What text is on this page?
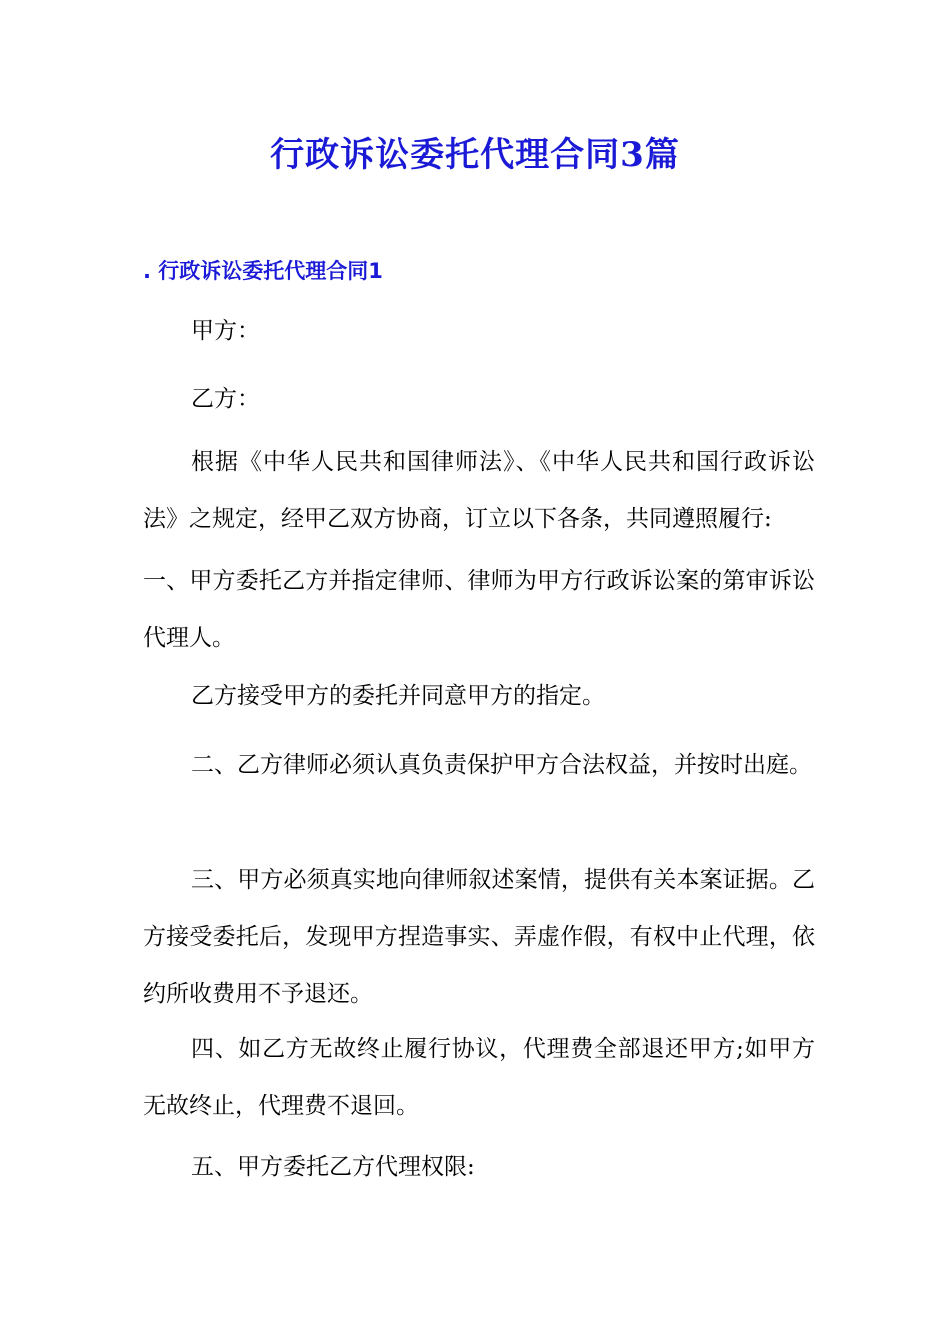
行政诉讼委托代理合同3篇
. 行政诉讼委托代理合同1

甲方：

乙方：

根据《中华人民共和国律师法》、《中华人民共和国行政诉讼法》之规定，经甲乙双方协商，订立以下各条，共同遵照履行:

一、甲方委托乙方并指定律师、律师为甲方行政诉讼案的第审诉讼代理人。

乙方接受甲方的委托并同意甲方的指定。

二、乙方律师必须认真负责保护甲方合法权益，并按时出庭。

三、甲方必须真实地向律师叙述案情，提供有关本案证据。乙方接受委托后，发现甲方捏造事实、弄虚作假，有权中止代理，依约所收费用不予退还。

四、如乙方无故终止履行协议，代理费全部退还甲方;如甲方无故终止，代理费不退回。

五、甲方委托乙方代理权限:
